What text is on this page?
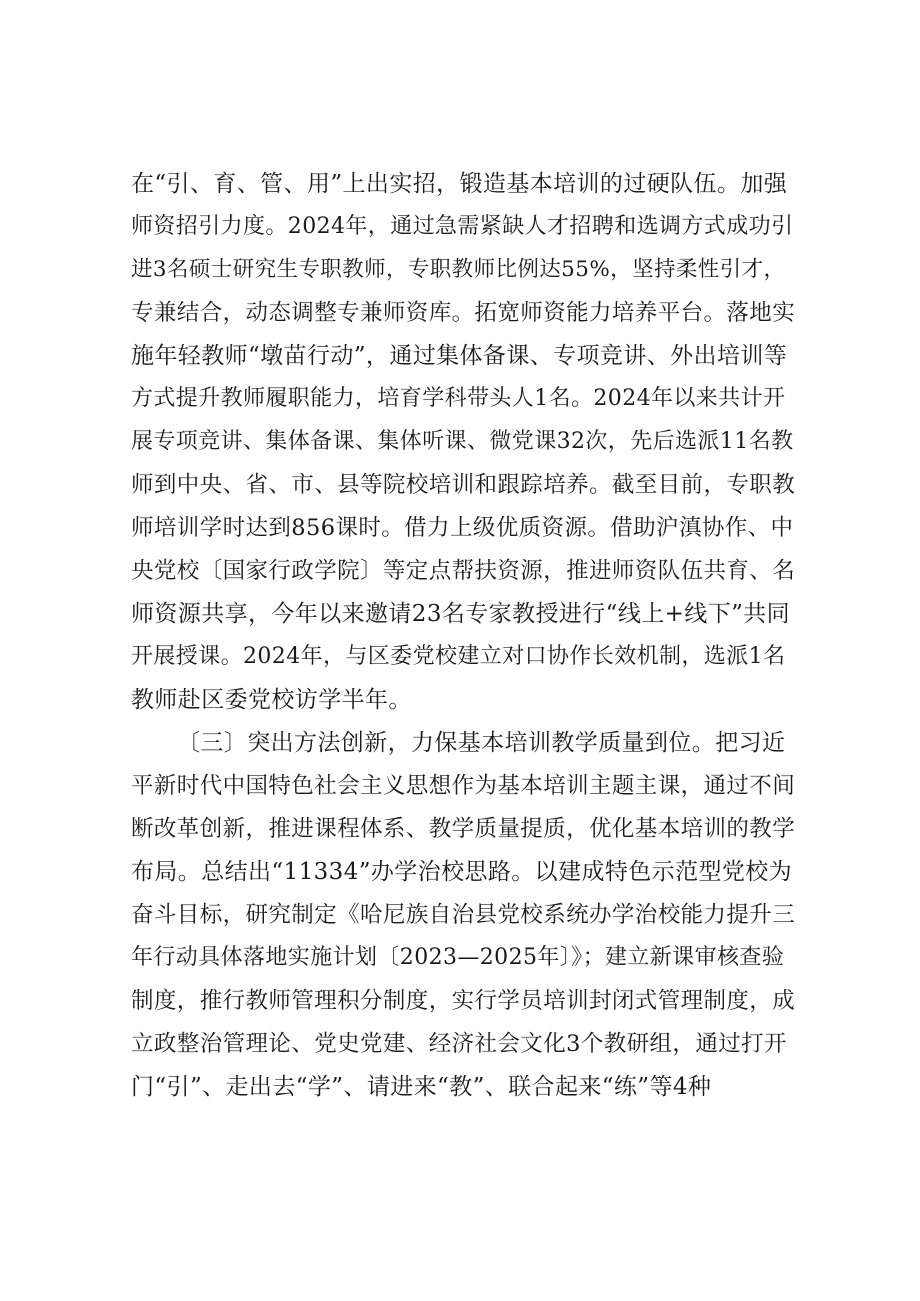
在“引、育、管、用”上出实招，锻造基本培训的过硬队伍。加强
师资招引力度。2024年，通过急需紧缺人才招聘和选调方式成功引
进3名硕士研究生专职教师，专职教师比例达55%，坚持柔性引才，
专兼结合，动态调整专兼师资库。拓宽师资能力培养平台。落地实
施年轻教师“墩苗行动”，通过集体备课、专项竞讲、外出培训等
方式提升教师履职能力，培育学科带头人1名。2024年以来共计开
展专项竞讲、集体备课、集体听课、微党课32次，先后选派11名教
师到中央、省、市、县等院校培训和跟踪培养。截至目前，专职教
师培训学时达到856课时。借力上级优质资源。借助沪滇协作、中
央党校〔国家行政学院〕等定点帮扶资源，推进师资队伍共育、名
师资源共享，今年以来邀请23名专家教授进行“线上+线下”共同
开展授课。2024年，与区委党校建立对口协作长效机制，选派1名
教师赴区委党校访学半年。
〔三〕突出方法创新，力保基本培训教学质量到位。把习近
平新时代中国特色社会主义思想作为基本培训主题主课，通过不间
断改革创新，推进课程体系、教学质量提质，优化基本培训的教学
布局。总结出“11334”办学治校思路。以建成特色示范型党校为
奋斗目标，研究制定《哈尼族自治县党校系统办学治校能力提升三
年行动具体落地实施计划〔2023—2025年〕》；建立新课审核查验
制度，推行教师管理积分制度，实行学员培训封闭式管理制度，成
立政整治管理论、党史党建、经济社会文化3个教研组，通过打开
门“引”、走出去“学”、请进来“教”、联合起来“练”等4种
